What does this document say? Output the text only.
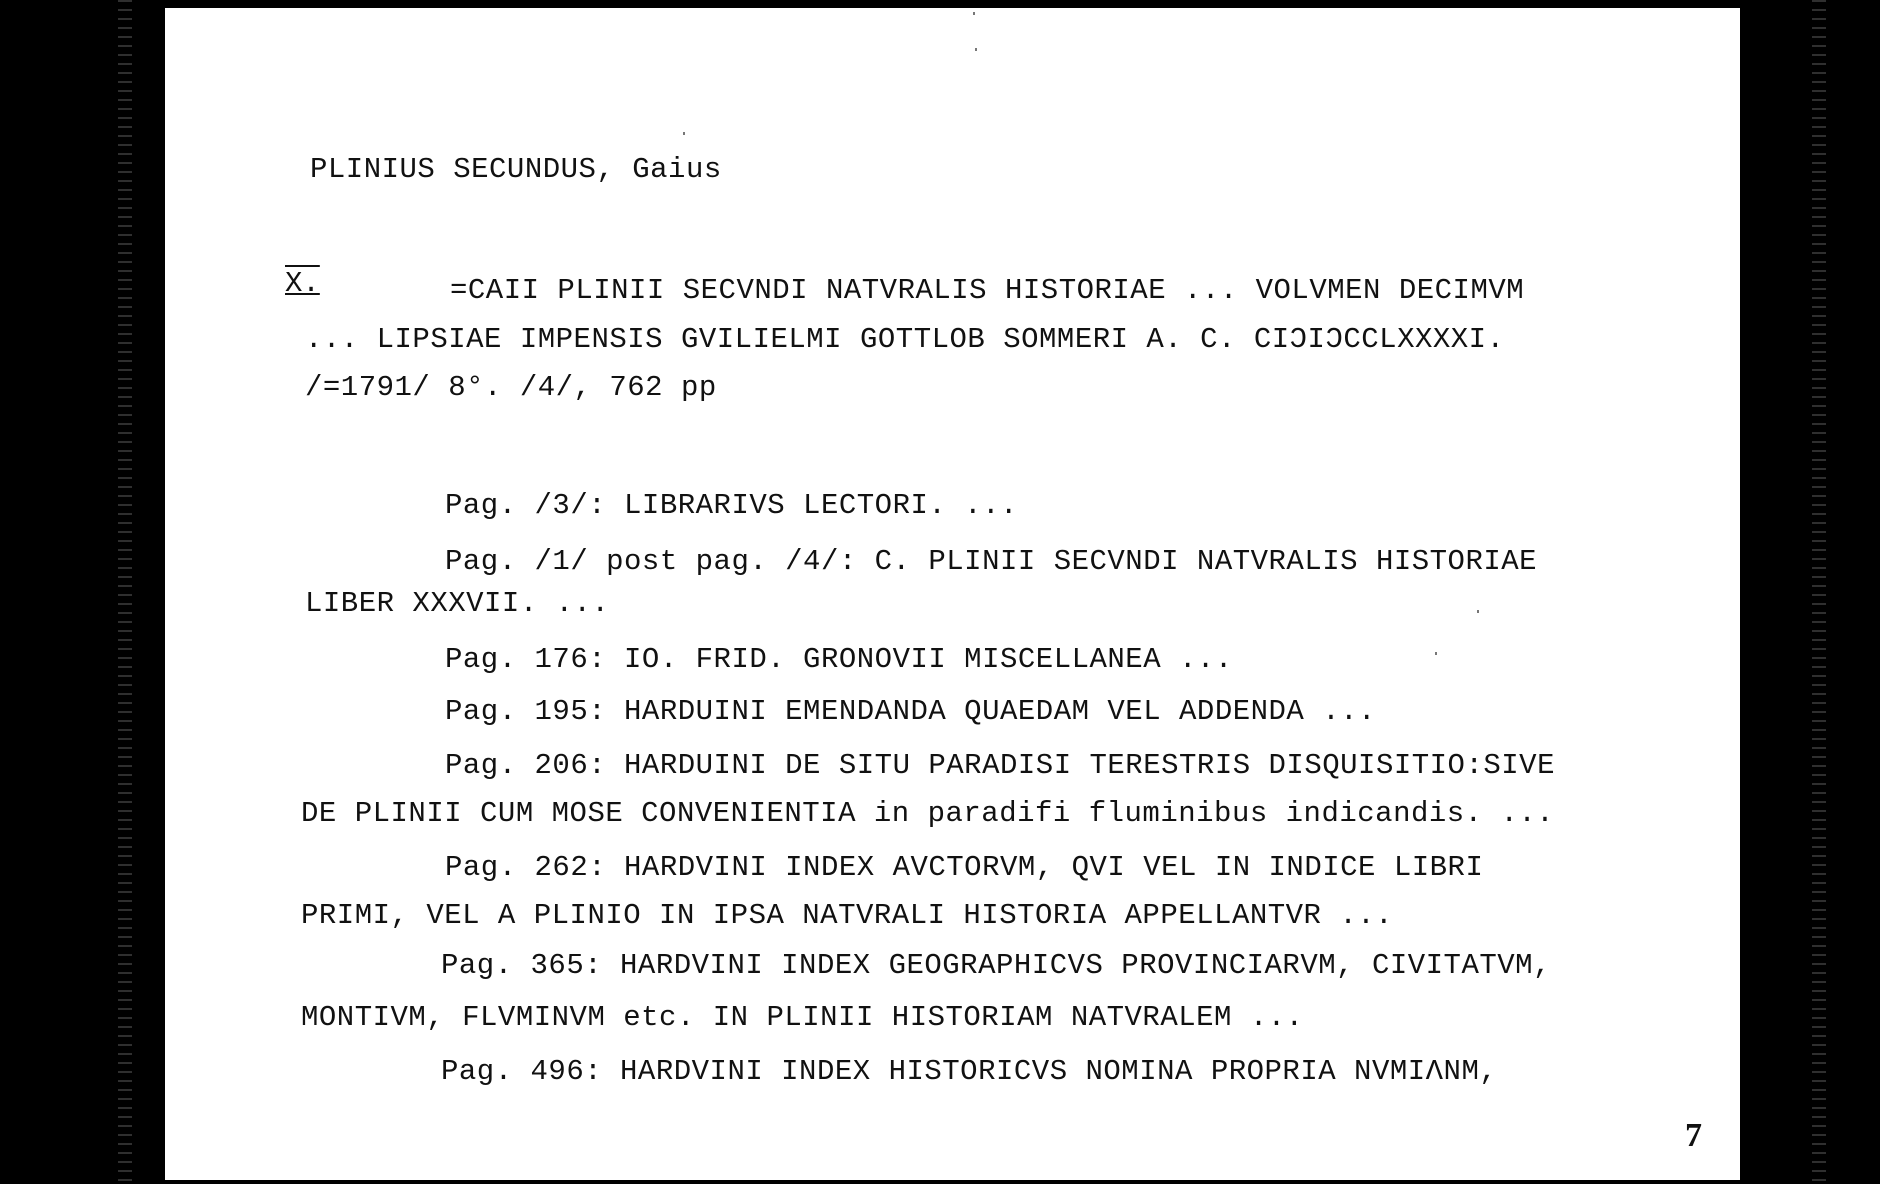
PLINIUS SECUNDUS, Gaius
X.	=CAII PLINII SECVNDI NATVRALIS HISTORIAE ... VOLVMEN DECIMVM
... LIPSIAE IMPENSIS GVILIELMI GOTTLOB SOMMERI A. C. CIƆIƆCCLXXXXI.
/=1791/ 8°. /4/, 762 pp
Pag. /3/: LIBRARIVS LECTORI. ...
Pag. /1/ post pag. /4/: C. PLINII SECVNDI NATVRALIS HISTORIAE
LIBER XXXVII. ...
Pag. 176: IO. FRID. GRONOVII MISCELLANEA ...
Pag. 195: HARDUINI EMENDANDA QUAEDAM VEL ADDENDA ...
Pag. 206: HARDUINI DE SITU PARADISI TERESTRIS DISQUISITIO:SIVE
DE PLINII CUM MOSE CONVENIENTIA in paradifi fluminibus indicandis. ...
Pag. 262: HARDVINI INDEX AVCTORVM, QVI VEL IN INDICE LIBRI
PRIMI, VEL A PLINIO IN IPSA NATVRALI HISTORIA APPELLANTVR ...
Pag. 365: HARDVINI INDEX GEOGRAPHICVS PROVINCIARVM, CIVITATVM,
MONTIVM, FLVMINVM etc. IN PLINII HISTORIAM NATVRALEM ...
Pag. 496: HARDVINI INDEX HISTORICVS NOMINA PROPRIA NVMIɅNM,
7
